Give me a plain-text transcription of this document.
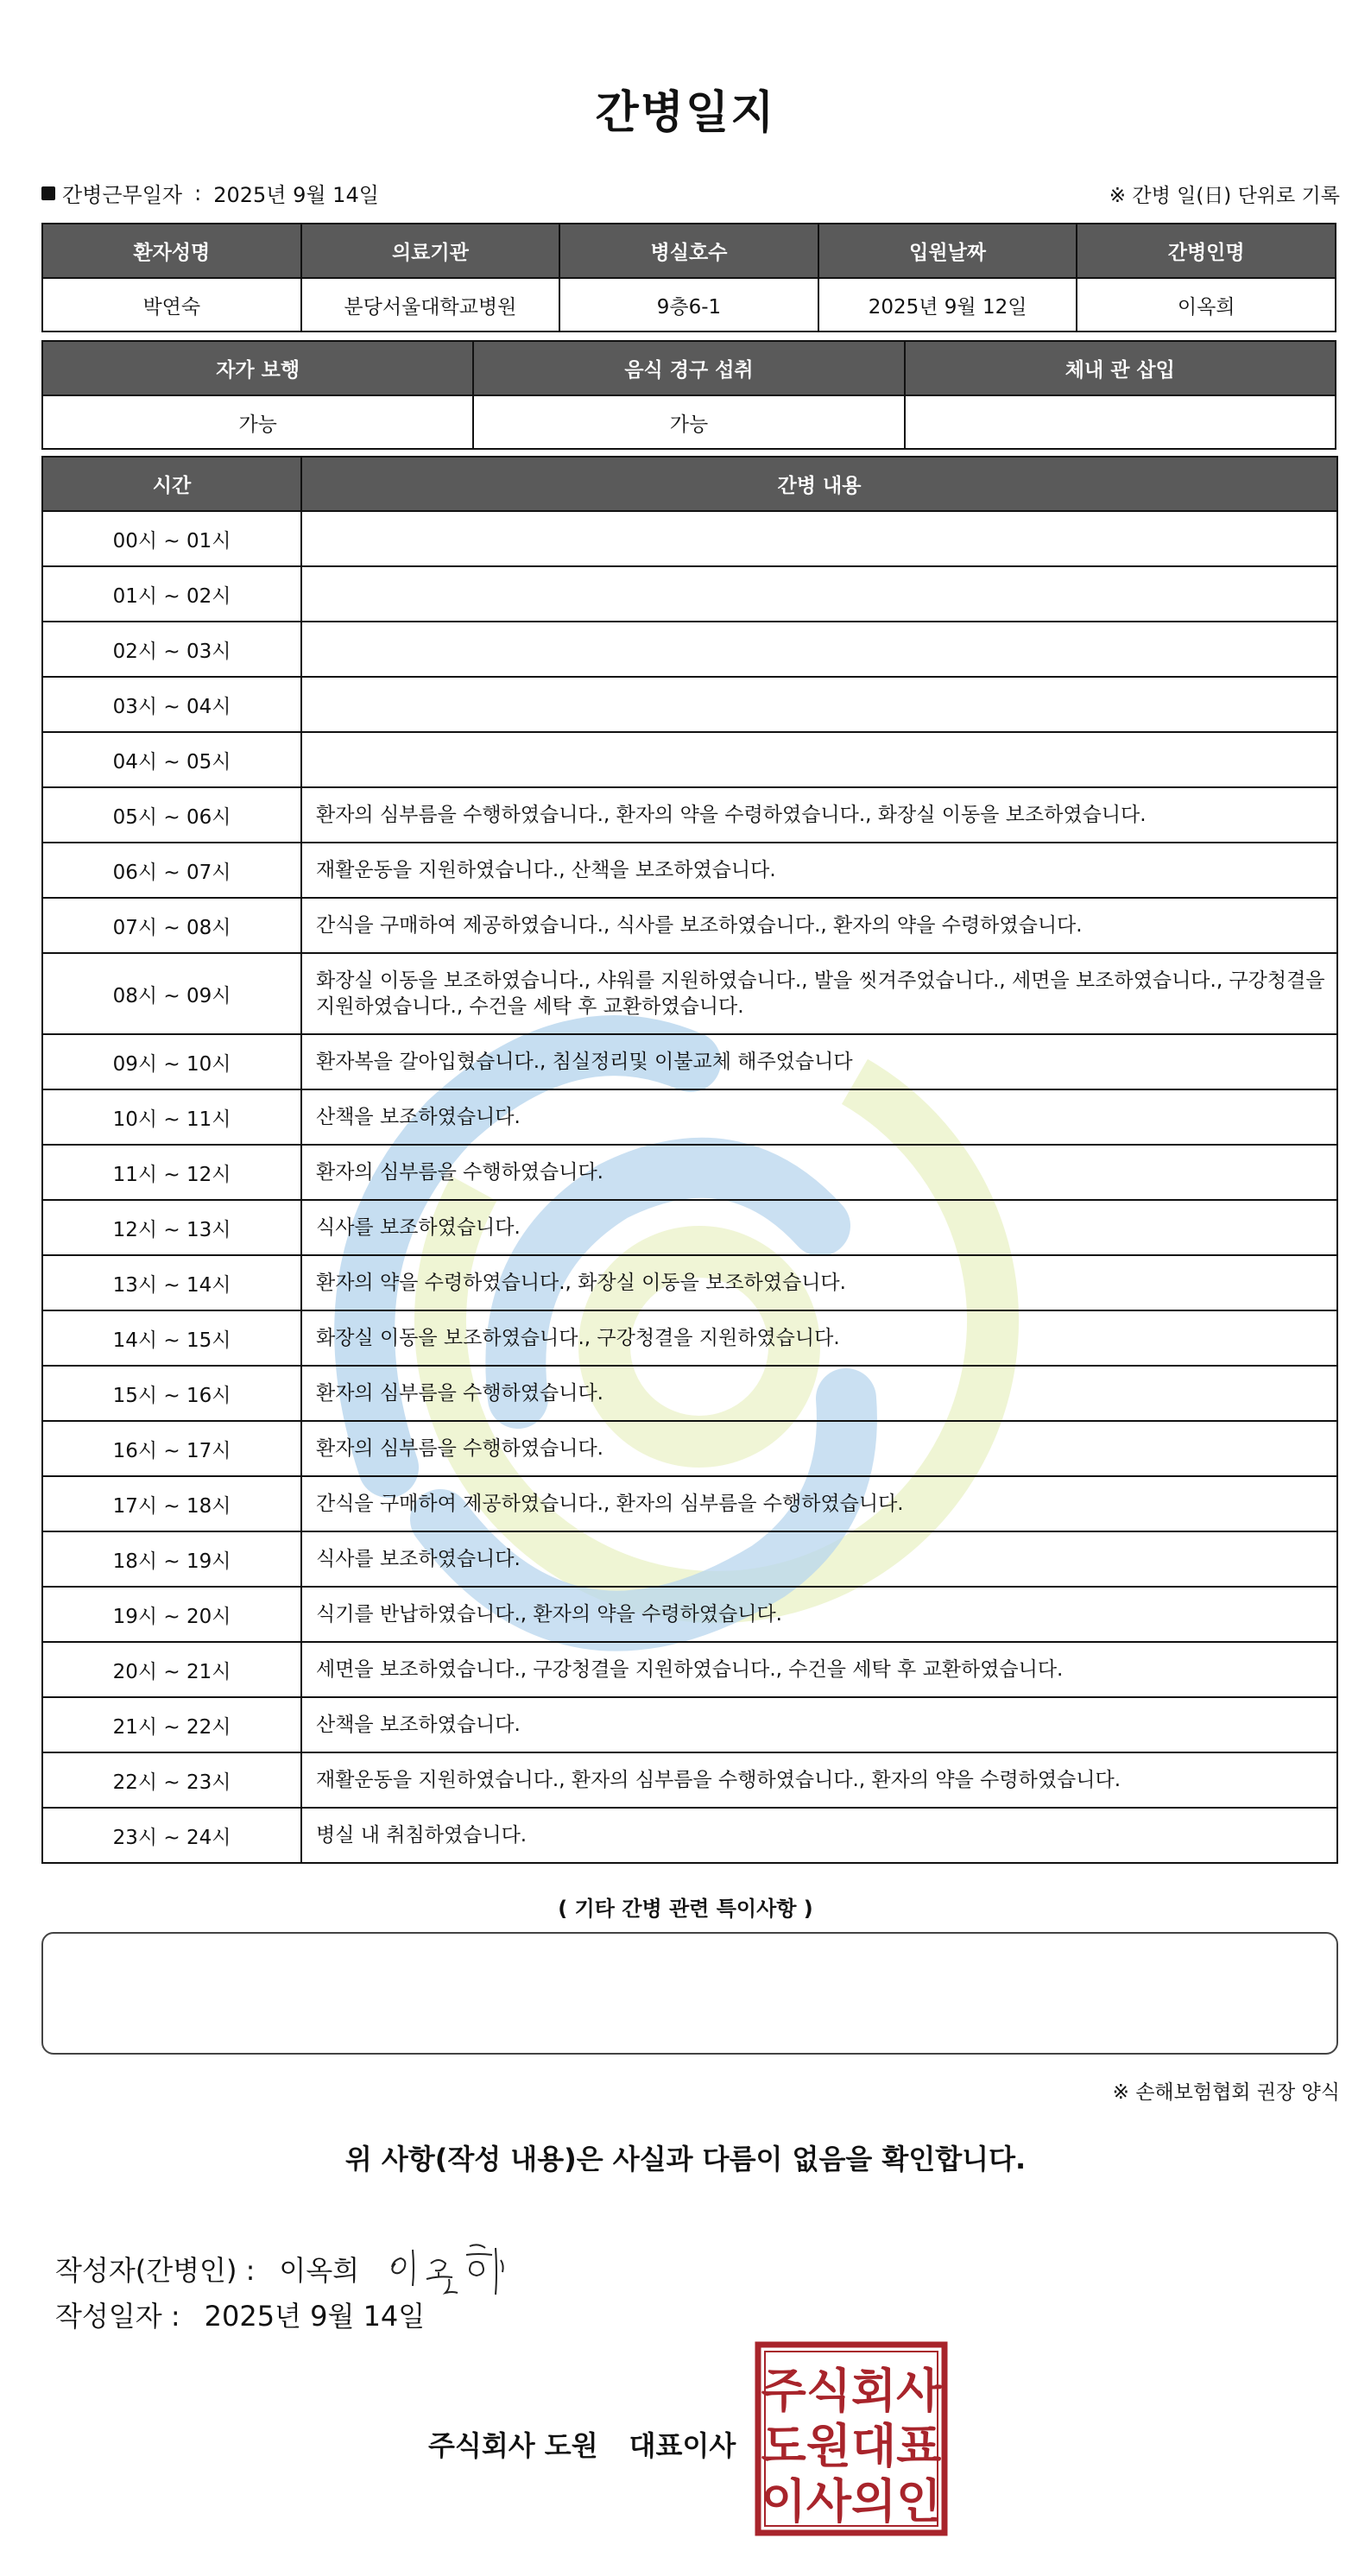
간병일지
간병근무일자 : 2025년 9월 14일	※ 간병 일(日) 단위로 기록
환자성명	의료기관	병실호수	입원날짜	간병인명
박연숙	분당서울대학교병원	9층6-1	2025년 9월 12일	이옥희
자가 보행	음식 경구 섭취	체내 관 삽입
가능	가능	
시간	간병 내용
00시 ~ 01시	
01시 ~ 02시	
02시 ~ 03시	
03시 ~ 04시	
04시 ~ 05시	
05시 ~ 06시	환자의 심부름을 수행하였습니다., 환자의 약을 수령하였습니다., 화장실 이동을 보조하였습니다.
06시 ~ 07시	재활운동을 지원하였습니다., 산책을 보조하였습니다.
07시 ~ 08시	간식을 구매하여 제공하였습니다., 식사를 보조하였습니다., 환자의 약을 수령하였습니다.
08시 ~ 09시	화장실 이동을 보조하였습니다., 샤워를 지원하였습니다., 발을 씻겨주었습니다., 세면을 보조하였습니다., 구강청결을 지원하였습니다., 수건을 세탁 후 교환하였습니다.
09시 ~ 10시	환자복을 갈아입혔습니다., 침실정리및 이불교체 해주었습니다
10시 ~ 11시	산책을 보조하였습니다.
11시 ~ 12시	환자의 심부름을 수행하였습니다.
12시 ~ 13시	식사를 보조하였습니다.
13시 ~ 14시	환자의 약을 수령하였습니다., 화장실 이동을 보조하였습니다.
14시 ~ 15시	화장실 이동을 보조하였습니다., 구강청결을 지원하였습니다.
15시 ~ 16시	환자의 심부름을 수행하였습니다.
16시 ~ 17시	환자의 심부름을 수행하였습니다.
17시 ~ 18시	간식을 구매하여 제공하였습니다., 환자의 심부름을 수행하였습니다.
18시 ~ 19시	식사를 보조하였습니다.
19시 ~ 20시	식기를 반납하였습니다., 환자의 약을 수령하였습니다.
20시 ~ 21시	세면을 보조하였습니다., 구강청결을 지원하였습니다., 수건을 세탁 후 교환하였습니다.
21시 ~ 22시	산책을 보조하였습니다.
22시 ~ 23시	재활운동을 지원하였습니다., 환자의 심부름을 수행하였습니다., 환자의 약을 수령하였습니다.
23시 ~ 24시	병실 내 취침하였습니다.
( 기타 간병 관련 특이사항 )
※ 손해보험협회 권장 양식
위 사항(작성 내용)은 사실과 다름이 없음을 확인합니다.
작성자(간병인) : 이옥희
작성일자 : 2025년 9월 14일
주식회사 도원 대표이사
주식회사
도원대표
이사의인
